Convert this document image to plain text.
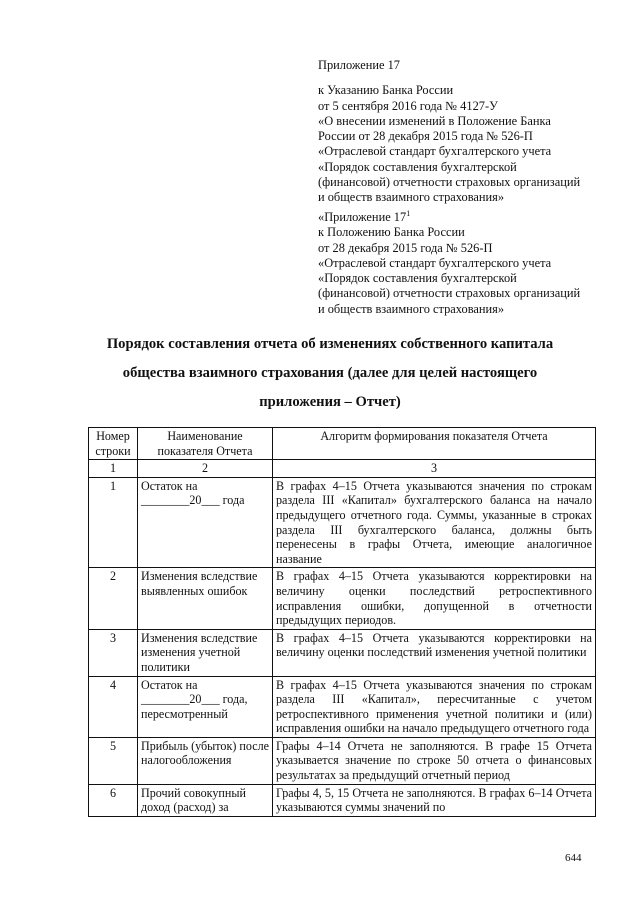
Приложение 17
к Указанию Банка России
от 5 сентября 2016 года № 4127-У
«О внесении изменений в Положение Банка
России от 28 декабря 2015 года № 526-П
«Отраслевой стандарт бухгалтерского учета
«Порядок составления бухгалтерской
(финансовой) отчетности страховых организаций
и обществ взаимного страхования»
«Приложение $17^1$
к Положению Банка России
от 28 декабря 2015 года № 526-П
«Отраслевой стандарт бухгалтерского учета
«Порядок составления бухгалтерской
(финансовой) отчетности страховых организаций
и обществ взаимного страхования»
Порядок составления отчета об изменениях собственного капитала
общества взаимного страхования (далее для целей настоящего
приложения – Отчет)
Номер строки	Наименование показателя Отчета	Алгоритм формирования показателя Отчета
1	2	3
1	Остаток на ________20___ года	В графах 4–15 Отчета указываются значения по строкам раздела III «Капитал» бухгалтерского баланса на начало предыдущего отчетного года. Суммы, указанные в строках раздела III бухгалтерского баланса, должны быть перенесены в графы Отчета, имеющие аналогичное название
2	Изменения вследствие выявленных ошибок	В графах 4–15 Отчета указываются корректировки на величину оценки последствий ретроспективного исправления ошибки, допущенной в отчетности предыдущих периодов.
3	Изменения вследствие изменения учетной политики	В графах 4–15 Отчета указываются корректировки на величину оценки последствий изменения учетной политики
4	Остаток на ________20___ года, пересмотренный	В графах 4–15 Отчета указываются значения по строкам раздела III «Капитал», пересчитанные с учетом ретроспективного применения учетной политики и (или) исправления ошибки на начало предыдущего отчетного года
5	Прибыль (убыток) после налогообложения	Графы 4–14 Отчета не заполняются. В графе 15 Отчета указывается значение по строке 50 отчета о финансовых результатах за предыдущий отчетный период
6	Прочий совокупный доход (расход) за	Графы 4, 5, 15 Отчета не заполняются. В графах 6–14 Отчета указываются суммы значений по
644
